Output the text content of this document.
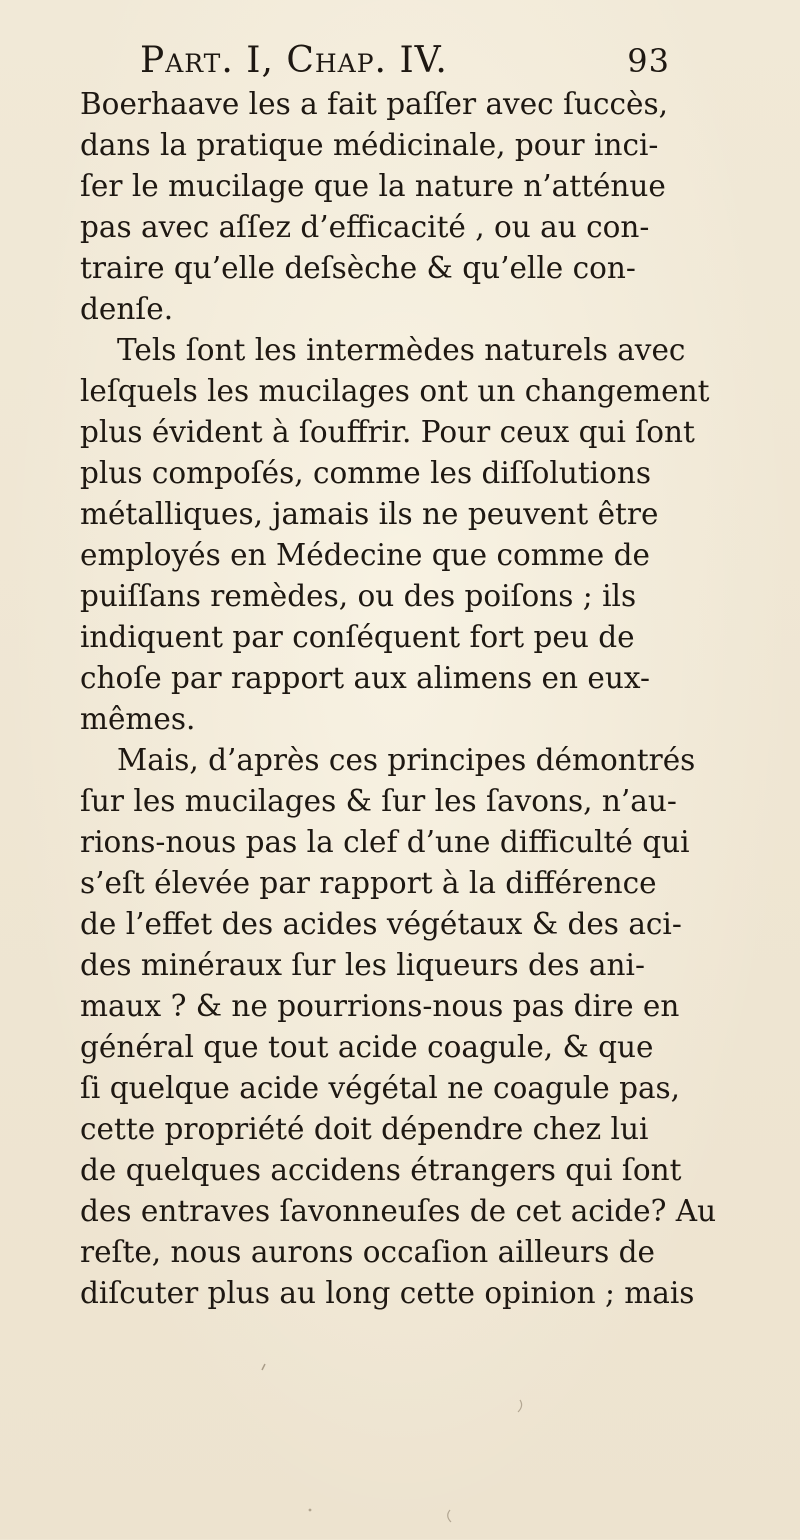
Part. I, Chap. IV.	93
Boerhaave les a fait paſſer avec ſuccès,
dans la pratique médicinale, pour inci-
ſer le mucilage que la nature n’atténue
pas avec aſſez d’efficacité , ou au con-
traire qu’elle deſsèche & qu’elle con-
denſe.
Tels ſont les intermèdes naturels avec
leſquels les mucilages ont un changement
plus évident à ſouffrir. Pour ceux qui ſont
plus compoſés, comme les diſſolutions
métalliques, jamais ils ne peuvent être
employés en Médecine que comme de
puiſſans remèdes, ou des poiſons ; ils
indiquent par conſéquent fort peu de
choſe par rapport aux alimens en eux-
mêmes.
Mais, d’après ces principes démontrés
ſur les mucilages & ſur les ſavons, n’au-
rions-nous pas la clef d’une difficulté qui
s’eſt élevée par rapport à la différence
de l’effet des acides végétaux & des aci-
des minéraux ſur les liqueurs des ani-
maux ? & ne pourrions-nous pas dire en
général que tout acide coagule, & que
ſi quelque acide végétal ne coagule pas,
cette propriété doit dépendre chez lui
de quelques accidens étrangers qui ſont
des entraves ſavonneuſes de cet acide? Au
reſte, nous aurons occaſion ailleurs de
diſcuter plus au long cette opinion ; mais
